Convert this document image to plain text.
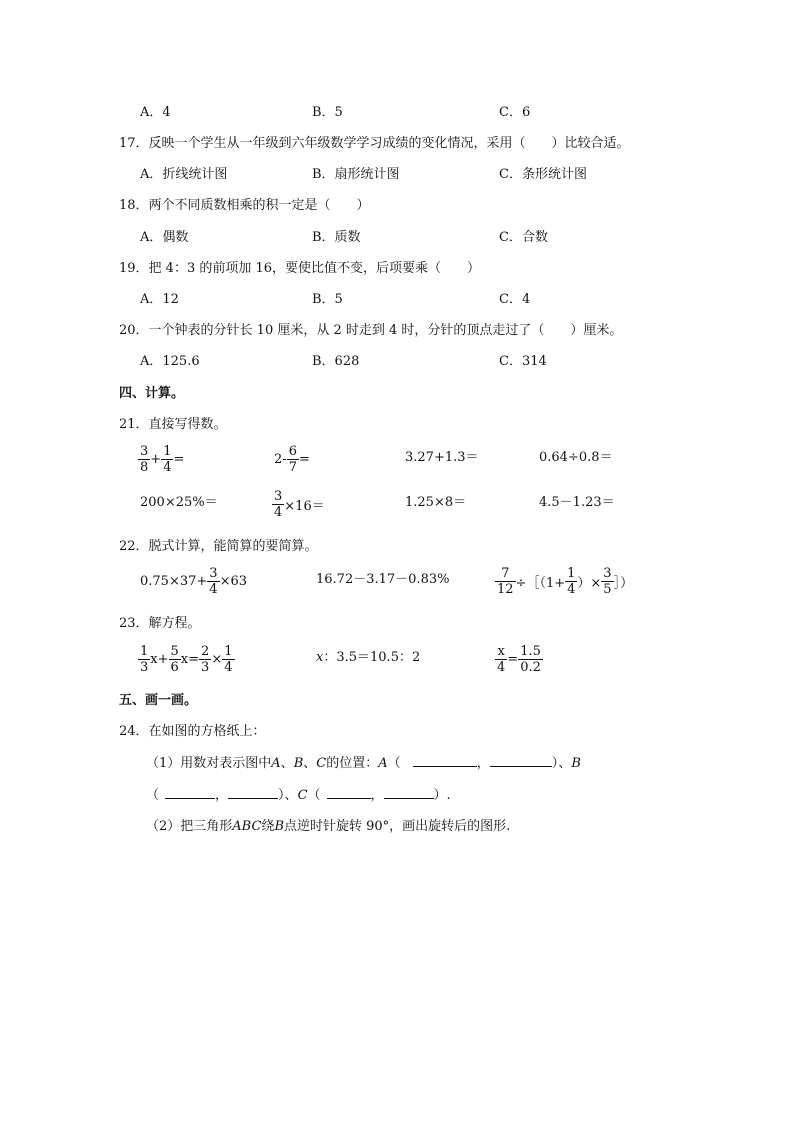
A．4	B．5	C．6
17．反映一个学生从一年级到六年级数学学习成绩的变化情况，采用（　　）比较合适。
A．折线统计图	B．扇形统计图	C．条形统计图
18．两个不同质数相乘的积一定是（　　）
A．偶数	B．质数	C．合数
19．把 4：3 的前项加 16，要使比值不变，后项要乘（　　）
A．12	B．5	C．4
20．一个钟表的分针长 10 厘米，从 2 时走到 4 时，分针的顶点走过了（　　）厘米。
A．125.6	B．628	C．314
四、计算。
21．直接写得数。
$\frac{3}{8} + \frac{1}{4}$ =	$2 - \frac{6}{7}$ =	3.27+1.3＝	0.64÷0.8＝
200×25%＝	$\frac{3}{4} \times 16=$	1.25×8＝	4.5－1.23＝
22．脱式计算，能简算的要简算。
$0.75\times 37+ \frac{3}{4} \times 63$	16.72－3.17－0.83%	$\frac{7}{12}$ ÷［（1+ $\frac{1}{4}$ ）× $\frac{3}{5}$ ］）
23．解方程。
$\frac{1}{3} x+ \frac{5}{6} x= \frac{2}{3} \times \frac{1}{4}$	x：3.5＝10.5：2	$\frac{x}{4} = \frac{1.5}{0.2}$
五、画一画。
24．在如图的方格纸上：
（1）用数对表示图中A、B、C的位置：A（	，	）、B
（	，	）、C（	，	）.
（2）把三角形ABC绕B点逆时针旋转 90°，画出旋转后的图形.
